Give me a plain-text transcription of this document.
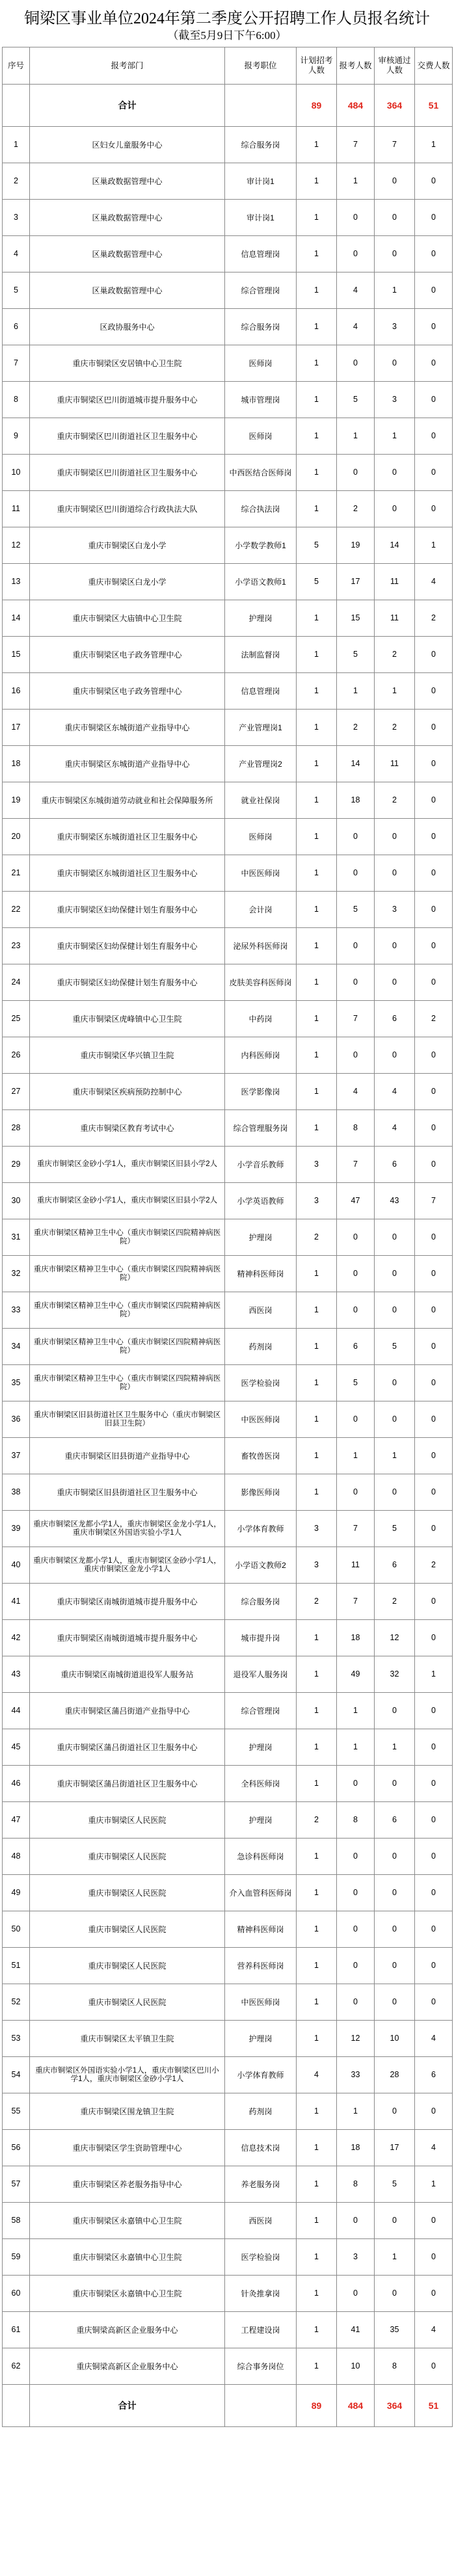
铜梁区事业单位2024年第二季度公开招聘工作人员报名统计
（截至5月9日下午6:00）
序号	报考部门	报考职位	计划招考人数	报考人数	审核通过人数	交费人数
	合计		89	484	364	51
1	区妇女儿童服务中心	综合服务岗	1	7	7	1
2	区巢政数据管理中心	审计岗1	1	1	0	0
3	区巢政数据管理中心	审计岗1	1	0	0	0
4	区巢政数据管理中心	信息管理岗	1	0	0	0
5	区巢政数据管理中心	综合管理岗	1	4	1	0
6	区政协服务中心	综合服务岗	1	4	3	0
7	重庆市铜梁区安居镇中心卫生院	医师岗	1	0	0	0
8	重庆市铜梁区巴川街道城市提升服务中心	城市管理岗	1	5	3	0
9	重庆市铜梁区巴川街道社区卫生服务中心	医师岗	1	1	1	0
10	重庆市铜梁区巴川街道社区卫生服务中心	中西医结合医师岗	1	0	0	0
11	重庆市铜梁区巴川街道综合行政执法大队	综合执法岗	1	2	0	0
12	重庆市铜梁区白龙小学	小学数学教师1	5	19	14	1
13	重庆市铜梁区白龙小学	小学语文教师1	5	17	11	4
14	重庆市铜梁区大庙镇中心卫生院	护理岗	1	15	11	2
15	重庆市铜梁区电子政务管理中心	法制监督岗	1	5	2	0
16	重庆市铜梁区电子政务管理中心	信息管理岗	1	1	1	0
17	重庆市铜梁区东城街道产业指导中心	产业管理岗1	1	2	2	0
18	重庆市铜梁区东城街道产业指导中心	产业管理岗2	1	14	11	0
19	重庆市铜梁区东城街道劳动就业和社会保障服务所	就业社保岗	1	18	2	0
20	重庆市铜梁区东城街道社区卫生服务中心	医师岗	1	0	0	0
21	重庆市铜梁区东城街道社区卫生服务中心	中医医师岗	1	0	0	0
22	重庆市铜梁区妇幼保健计划生育服务中心	会计岗	1	5	3	0
23	重庆市铜梁区妇幼保健计划生育服务中心	泌尿外科医师岗	1	0	0	0
24	重庆市铜梁区妇幼保健计划生育服务中心	皮肤美容科医师岗	1	0	0	0
25	重庆市铜梁区虎峰镇中心卫生院	中药岗	1	7	6	2
26	重庆市铜梁区华兴镇卫生院	内科医师岗	1	0	0	0
27	重庆市铜梁区疾病预防控制中心	医学影像岗	1	4	4	0
28	重庆市铜梁区教育考试中心	综合管理服务岗	1	8	4	0
29	重庆市铜梁区金砂小学1人，重庆市铜梁区旧县小学2人	小学音乐教师	3	7	6	0
30	重庆市铜梁区金砂小学1人，重庆市铜梁区旧县小学2人	小学英语教师	3	47	43	7
31	重庆市铜梁区精神卫生中心（重庆市铜梁区四院精神病医院）	护理岗	2	0	0	0
32	重庆市铜梁区精神卫生中心（重庆市铜梁区四院精神病医院）	精神科医师岗	1	0	0	0
33	重庆市铜梁区精神卫生中心（重庆市铜梁区四院精神病医院）	西医岗	1	0	0	0
34	重庆市铜梁区精神卫生中心（重庆市铜梁区四院精神病医院）	药剂岗	1	6	5	0
35	重庆市铜梁区精神卫生中心（重庆市铜梁区四院精神病医院）	医学检验岗	1	5	0	0
36	重庆市铜梁区旧县街道社区卫生服务中心（重庆市铜梁区旧县卫生院）	中医医师岗	1	0	0	0
37	重庆市铜梁区旧县街道产业指导中心	畜牧兽医岗	1	1	1	0
38	重庆市铜梁区旧县街道社区卫生服务中心	影像医师岗	1	0	0	0
39	重庆市铜梁区龙都小学1人，重庆市铜梁区金龙小学1人，重庆市铜梁区外国语实验小学1人	小学体育教师	3	7	5	0
40	重庆市铜梁区龙都小学1人，重庆市铜梁区金砂小学1人，重庆市铜梁区金龙小学1人	小学语文教师2	3	11	6	2
41	重庆市铜梁区南城街道城市提升服务中心	综合服务岗	2	7	2	0
42	重庆市铜梁区南城街道城市提升服务中心	城市提升岗	1	18	12	0
43	重庆市铜梁区南城街道退役军人服务站	退役军人服务岗	1	49	32	1
44	重庆市铜梁区蒲吕街道产业指导中心	综合管理岗	1	1	0	0
45	重庆市铜梁区蒲吕街道社区卫生服务中心	护理岗	1	1	1	0
46	重庆市铜梁区蒲吕街道社区卫生服务中心	全科医师岗	1	0	0	0
47	重庆市铜梁区人民医院	护理岗	2	8	6	0
48	重庆市铜梁区人民医院	急诊科医师岗	1	0	0	0
49	重庆市铜梁区人民医院	介入血管科医师岗	1	0	0	0
50	重庆市铜梁区人民医院	精神科医师岗	1	0	0	0
51	重庆市铜梁区人民医院	营养科医师岗	1	0	0	0
52	重庆市铜梁区人民医院	中医医师岗	1	0	0	0
53	重庆市铜梁区太平镇卫生院	护理岗	1	12	10	4
54	重庆市铜梁区外国语实验小学1人，重庆市铜梁区巴川小学1人，重庆市铜梁区金砂小学1人	小学体育教师	4	33	28	6
55	重庆市铜梁区围龙镇卫生院	药剂岗	1	1	0	0
56	重庆市铜梁区学生资助管理中心	信息技术岗	1	18	17	4
57	重庆市铜梁区养老服务指导中心	养老服务岗	1	8	5	1
58	重庆市铜梁区永嘉镇中心卫生院	西医岗	1	0	0	0
59	重庆市铜梁区永嘉镇中心卫生院	医学检验岗	1	3	1	0
60	重庆市铜梁区永嘉镇中心卫生院	针灸推拿岗	1	0	0	0
61	重庆铜梁高新区企业服务中心	工程建设岗	1	41	35	4
62	重庆铜梁高新区企业服务中心	综合事务岗位	1	10	8	0
	合计		89	484	364	51
